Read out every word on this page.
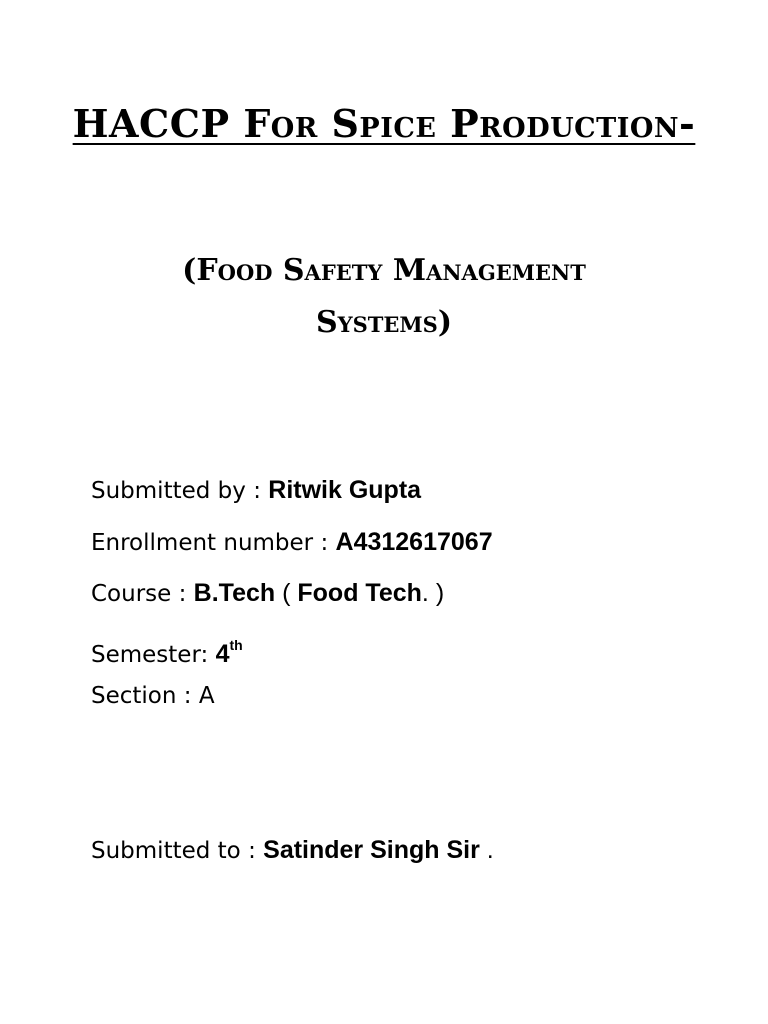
HACCP For Spice Production-
(Food Safety Management
Systems)
Submitted by : Ritwik Gupta
Enrollment number : A4312617067
Course : B.Tech ( Food Tech. )
Semester: 4th
Section : A
Submitted to : Satinder Singh Sir .
